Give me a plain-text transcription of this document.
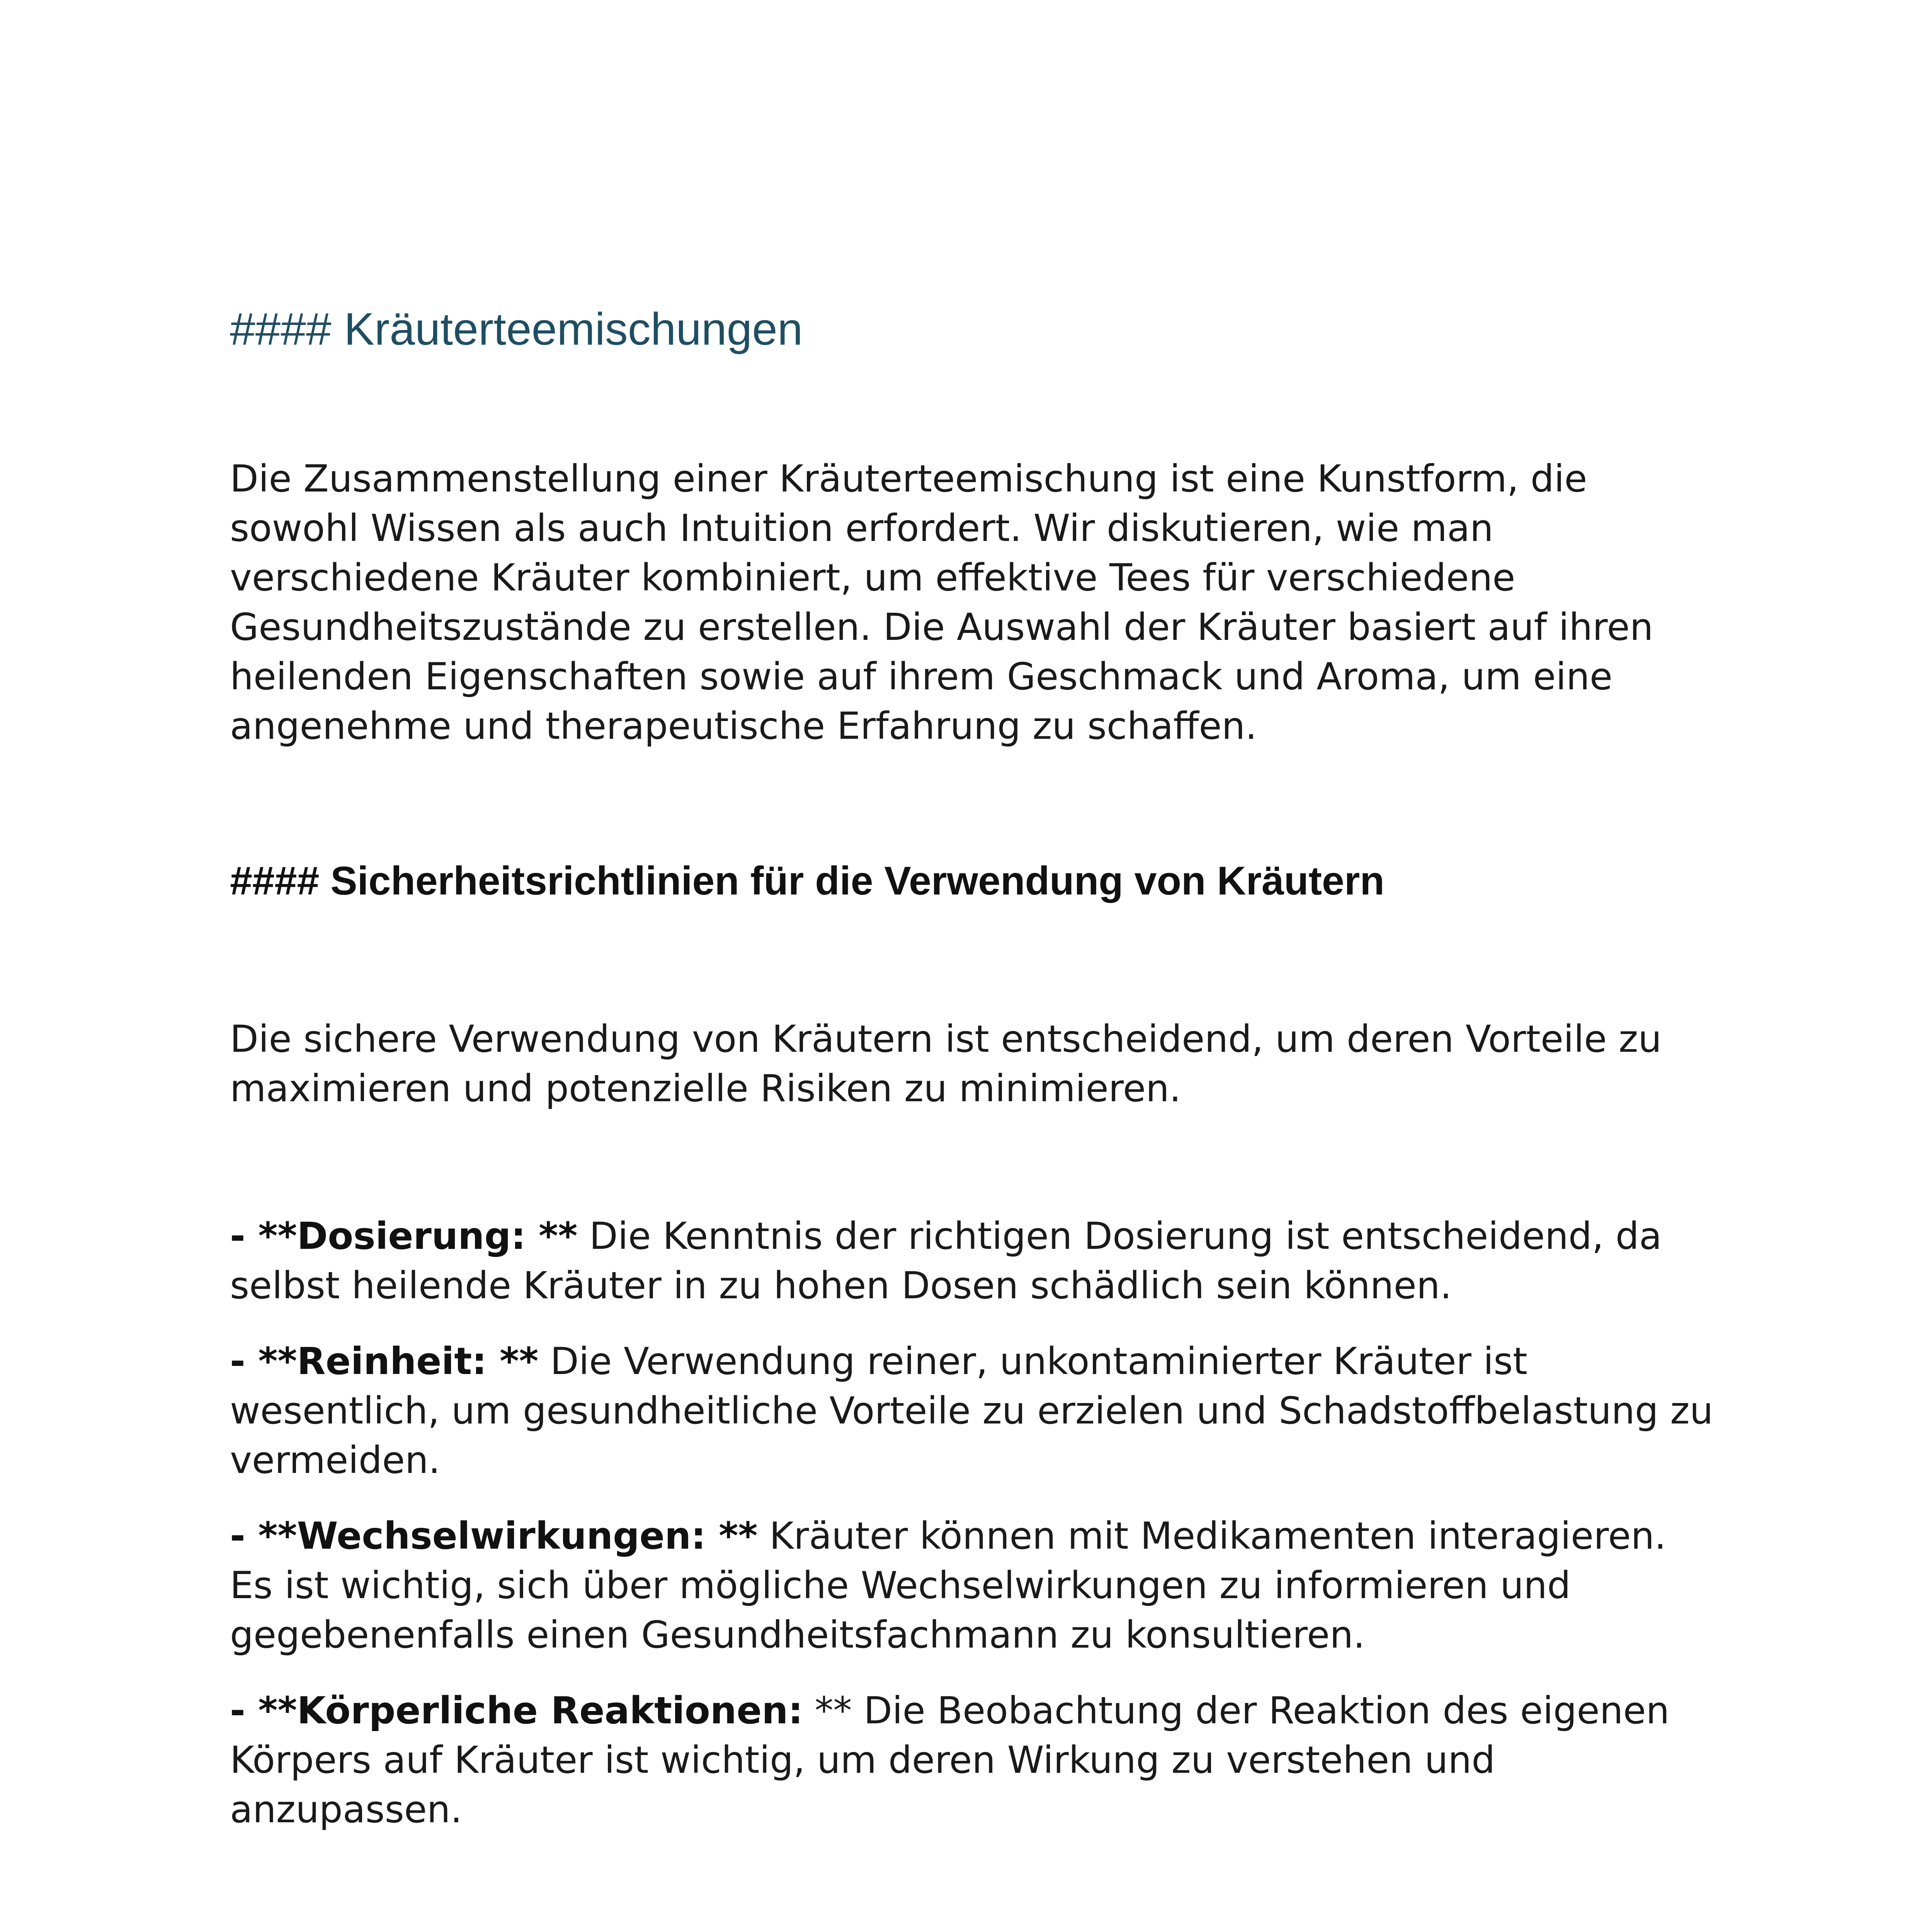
#### Kräuterteemischungen

Die Zusammenstellung einer Kräuterteemischung ist eine Kunstform, die sowohl Wissen als auch Intuition erfordert. Wir diskutieren, wie man verschiedene Kräuter kombiniert, um effektive Tees für verschiedene Gesundheitszustände zu erstellen. Die Auswahl der Kräuter basiert auf ihren heilenden Eigenschaften sowie auf ihrem Geschmack und Aroma, um eine angenehme und therapeutische Erfahrung zu schaffen.

#### Sicherheitsrichtlinien für die Verwendung von Kräutern

Die sichere Verwendung von Kräutern ist entscheidend, um deren Vorteile zu maximieren und potenzielle Risiken zu minimieren.

- **Dosierung: ** Die Kenntnis der richtigen Dosierung ist entscheidend, da selbst heilende Kräuter in zu hohen Dosen schädlich sein können.
- **Reinheit: ** Die Verwendung reiner, unkontaminierter Kräuter ist wesentlich, um gesundheitliche Vorteile zu erzielen und Schadstoffbelastung zu vermeiden.
- **Wechselwirkungen: ** Kräuter können mit Medikamenten interagieren. Es ist wichtig, sich über mögliche Wechselwirkungen zu informieren und gegebenenfalls einen Gesundheitsfachmann zu konsultieren.
- **Körperliche Reaktionen: ** Die Beobachtung der Reaktion des eigenen Körpers auf Kräuter ist wichtig, um deren Wirkung zu verstehen und anzupassen.
